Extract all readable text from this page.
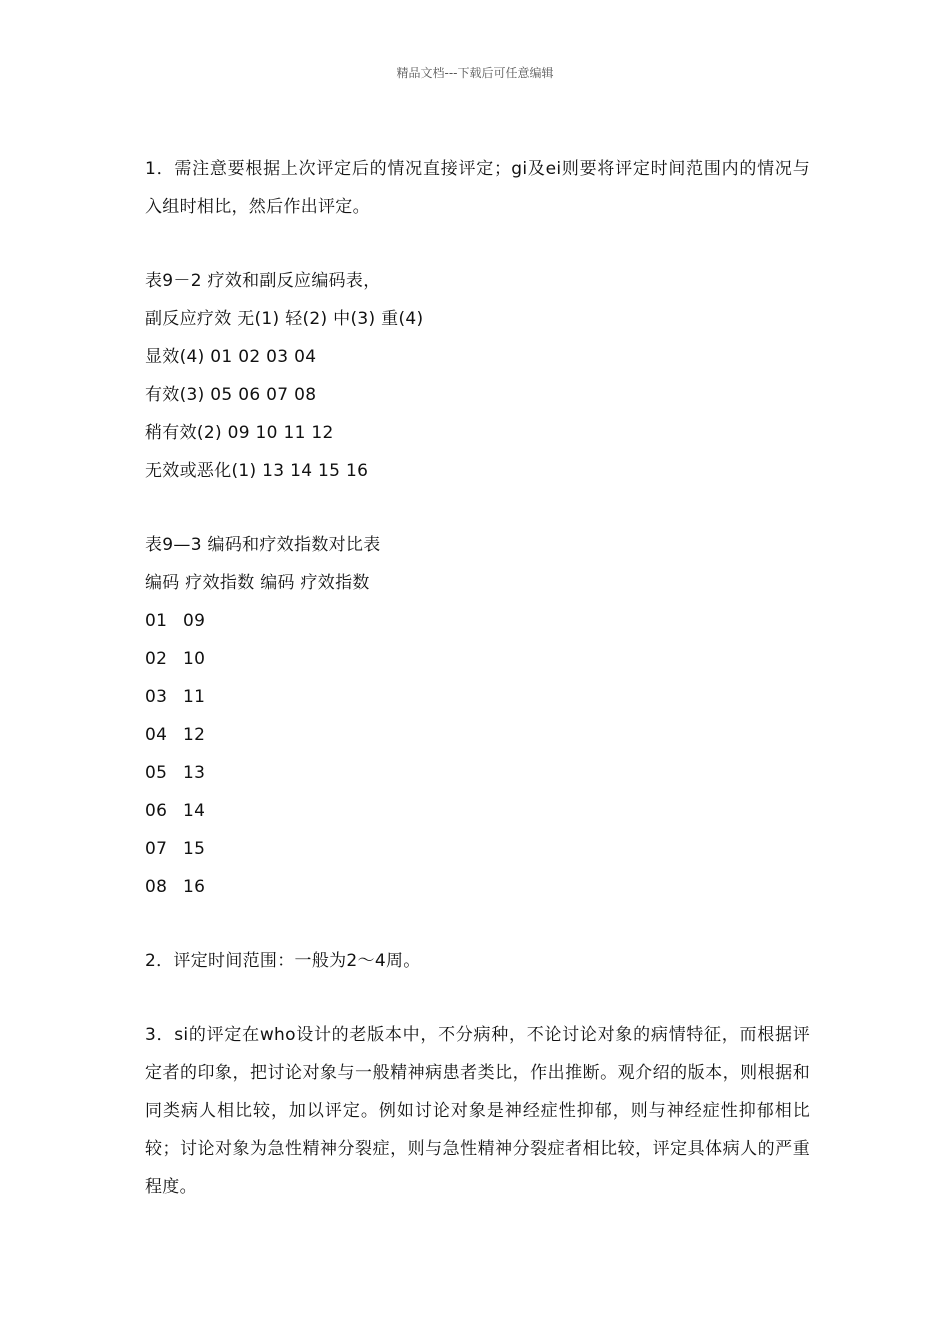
精品文档---下载后可任意编辑

1．需注意要根据上次评定后的情况直接评定；gi及ei则要将评定时间范围内的情况与入组时相比，然后作出评定。

表9－2 疗效和副反应编码表，

副反应疗效 无(1) 轻(2) 中(3) 重(4)

显效(4) 01 02 03 04

有效(3) 05 06 07 08

稍有效(2) 09 10 11 12

无效或恶化(1) 13 14 15 16

表9—3 编码和疗效指数对比表

编码 疗效指数 编码 疗效指数

01 09

02 10

03 11

04 12

05 13

06 14

07 15

08 16

2．评定时间范围：一般为2～4周。

3．si的评定在who设计的老版本中，不分病种，不论讨论对象的病情特征，而根据评定者的印象，把讨论对象与一般精神病患者类比，作出推断。观介绍的版本，则根据和同类病人相比较，加以评定。例如讨论对象是神经症性抑郁，则与神经症性抑郁相比较；讨论对象为急性精神分裂症，则与急性精神分裂症者相比较，评定具体病人的严重程度。
